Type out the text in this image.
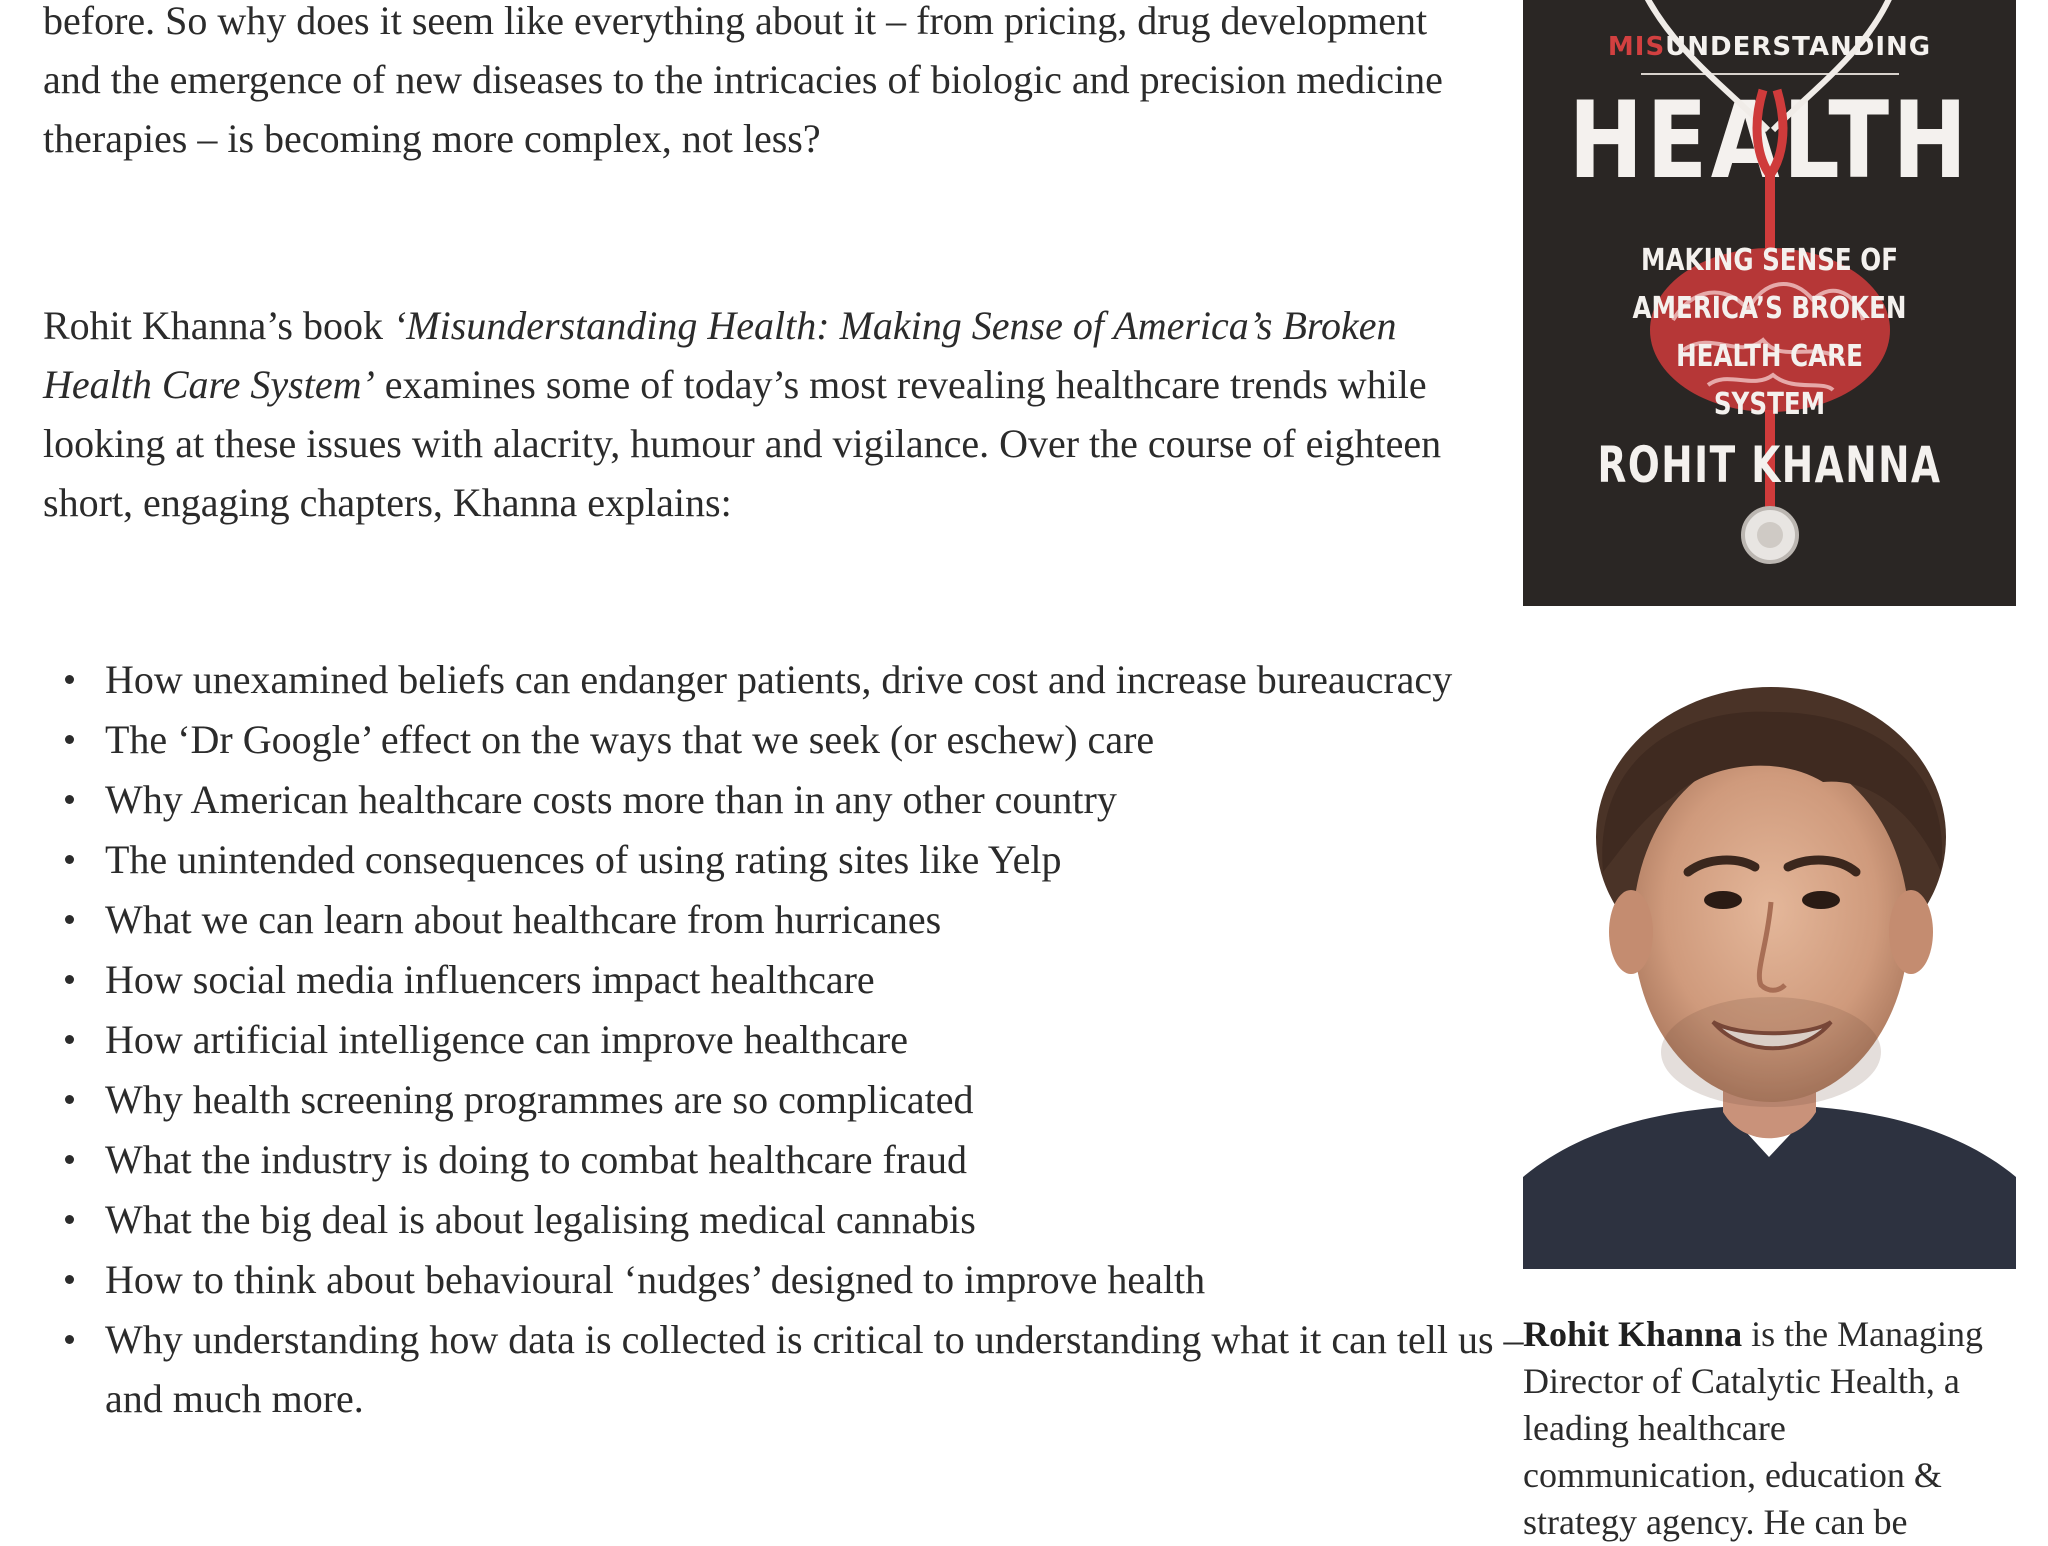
before. So why does it seem like everything about it – from pricing, drug development and the emergence of new diseases to the intricacies of biologic and precision medicine therapies – is becoming more complex, not less?

Rohit Khanna’s book ‘Misunderstanding Health: Making Sense of America’s Broken Health Care System’ examines some of today’s most revealing healthcare trends while looking at these issues with alacrity, humour and vigilance. Over the course of eighteen short, engaging chapters, Khanna explains:

How unexamined beliefs can endanger patients, drive cost and increase bureaucracy
The ‘Dr Google’ effect on the ways that we seek (or eschew) care
Why American healthcare costs more than in any other country
The unintended consequences of using rating sites like Yelp
What we can learn about healthcare from hurricanes
How social media influencers impact healthcare
How artificial intelligence can improve healthcare
Why health screening programmes are so complicated
What the industry is doing to combat healthcare fraud
What the big deal is about legalising medical cannabis
How to think about behavioural ‘nudges’ designed to improve health
Why understanding how data is collected is critical to understanding what it can tell us – and much more.
MISUNDERSTANDING
HEALTH
MAKING SENSE OF
AMERICA’S BROKEN
HEALTH CARE
SYSTEM
ROHIT KHANNA
Rohit Khanna is the Managing Director of Catalytic Health, a leading healthcare communication, education & strategy agency. He can be
